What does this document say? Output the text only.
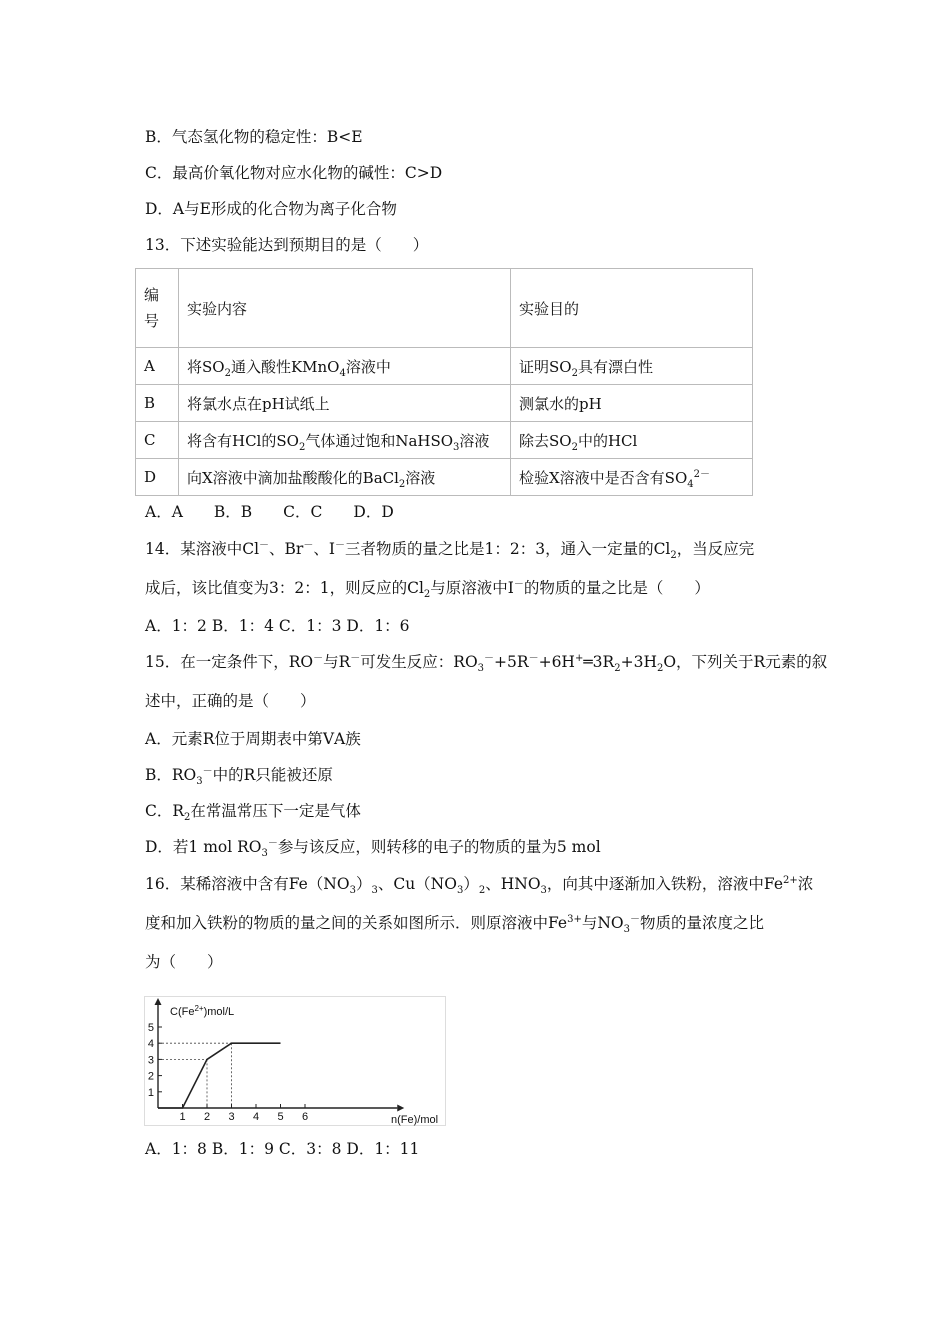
B．气态氢化物的稳定性：B<E
C．最高价氧化物对应水化物的碱性：C>D
D．A与E形成的化合物为离子化合物
13．下述实验能达到预期目的是（　　）
编号	实验内容	实验目的
A	将$SO_2$通入酸性KMnO$_4$溶液中	证明$SO_2$具有漂白性
B	将氯水点在pH试纸上	测氯水的pH
C	将含有HCl的$SO_2$气体通过饱和NaHSO$_3$溶液	除去$SO_2$中的HCl
D	向X溶液中滴加盐酸酸化的BaCl$_2$溶液	检验X溶液中是否含有$SO_4^{2-}$
A．A　　B．B　　C．C　　D．D
14．某溶液中Cl－、Br－、I－三者物质的量之比是1：2：3，通入一定量的$Cl_2$，当反应完
成后，该比值变为3：2：1，则反应的$Cl_2$与原溶液中I－的物质的量之比是（　　）
A．1：2 B．1：4 C．1：3 D．1：6
15．在一定条件下，RO－与R－可发生反应：$RO_3^-+5R^-+6H^+═3R_2+3H_2O$，下列关于R元素的叙
述中，正确的是（　　）
A．元素R位于周期表中第ⅤA族
B．$RO_3^-$中的R只能被还原
C．$R_2$在常温常压下一定是气体
D．若1 mol $RO_3^-$参与该反应，则转移的电子的物质的量为5 mol
16．某稀溶液中含有$Fe(NO_3)_3$、$Cu(NO_3)_2$、$HNO_3$，向其中逐渐加入铁粉，溶液中$Fe^{2+}$浓
度和加入铁粉的物质的量之间的关系如图所示．则原溶液中$Fe^{3+}$与$NO_3^-$物质的量浓度之比
为（　　）
1 2 3 4 5 6
1
2
3
4
5
$C(Fe^{2+})mol/L$
n(Fe)/mol
A．1：8 B．1：9 C．3：8 D．1：11
